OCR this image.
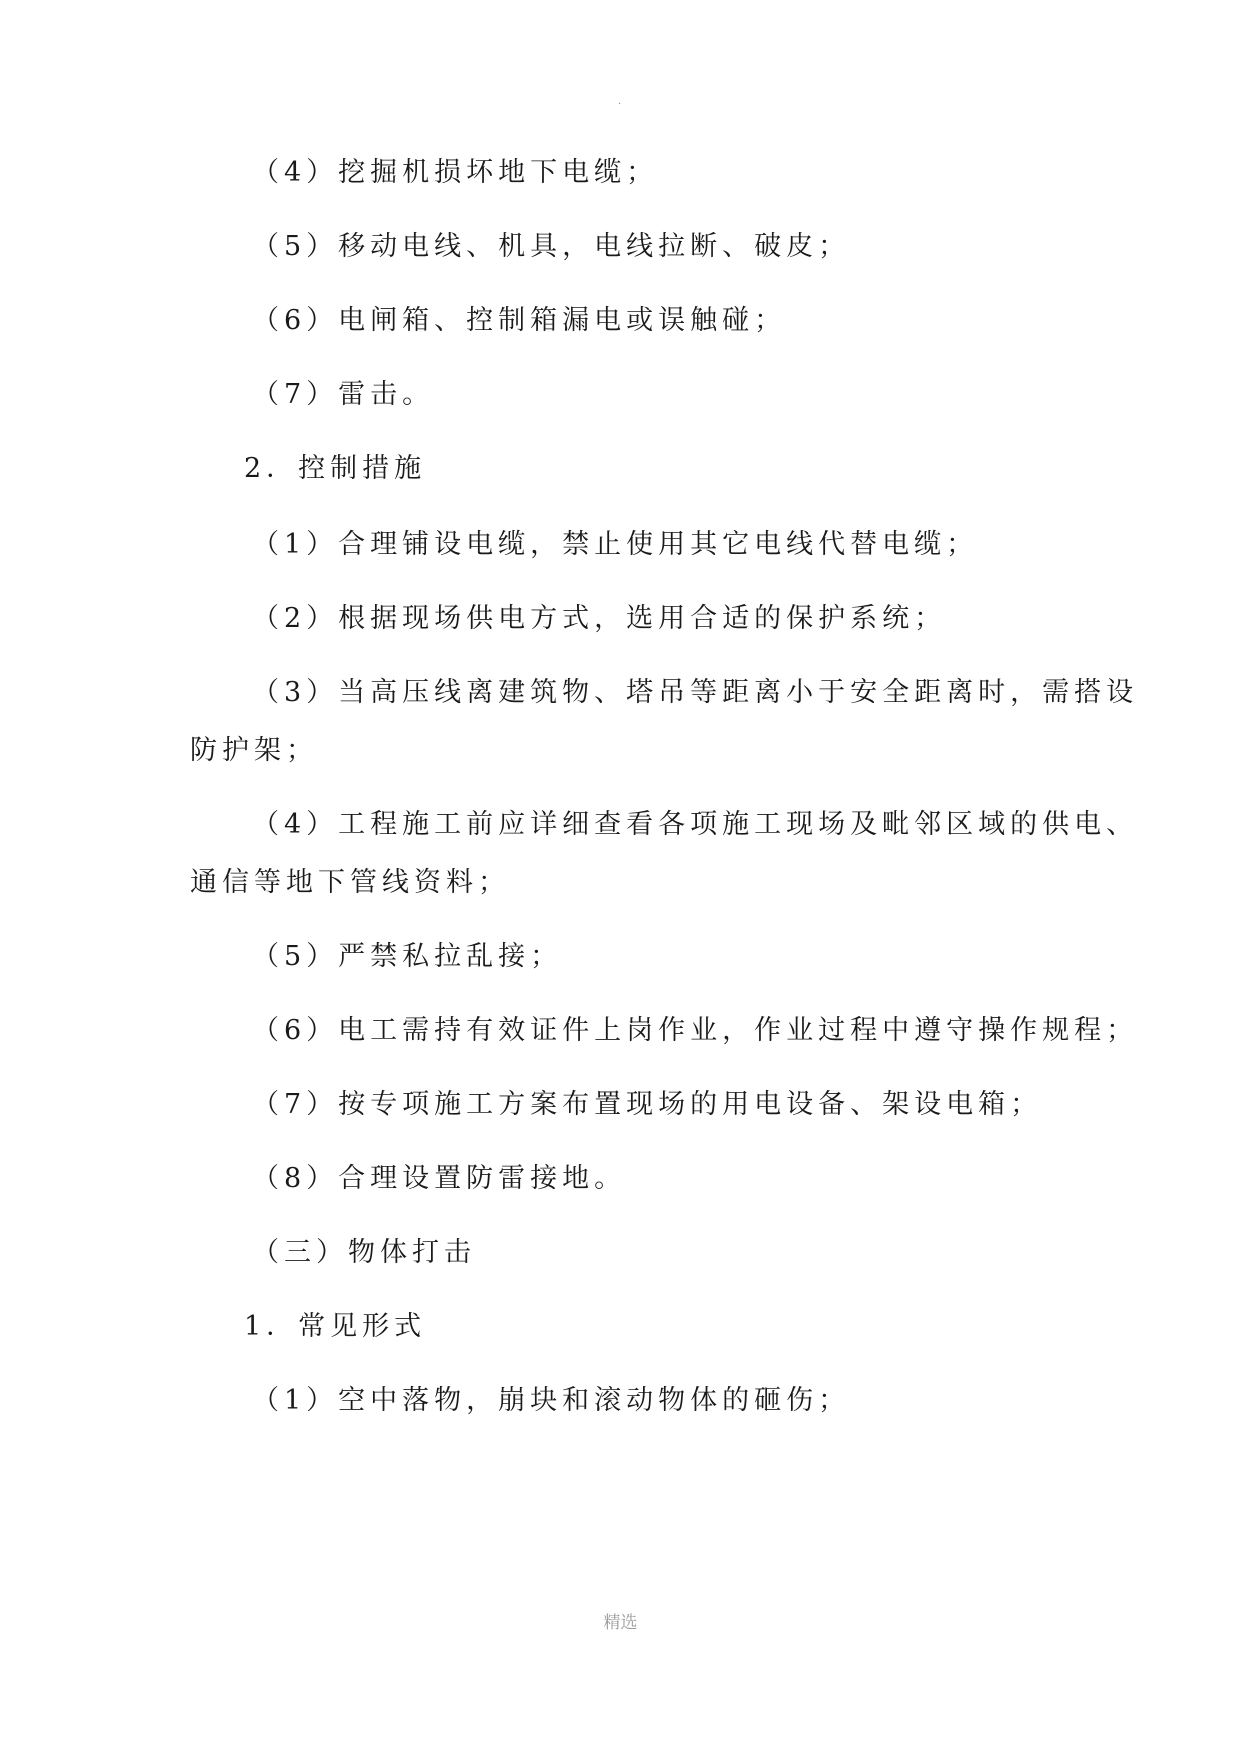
.
（4）挖掘机损坏地下电缆；
（5）移动电线、机具，电线拉断、破皮；
（6）电闸箱、控制箱漏电或误触碰；
（7）雷击。
2．控制措施
（1）合理铺设电缆，禁止使用其它电线代替电缆；
（2）根据现场供电方式，选用合适的保护系统；
（3）当高压线离建筑物、塔吊等距离小于安全距离时，需搭设
防护架；
（4）工程施工前应详细查看各项施工现场及毗邻区域的供电、
通信等地下管线资料；
（5）严禁私拉乱接；
（6）电工需持有效证件上岗作业，作业过程中遵守操作规程；
（7）按专项施工方案布置现场的用电设备、架设电箱；
（8）合理设置防雷接地。
（三）物体打击
1．常见形式
（1）空中落物，崩块和滚动物体的砸伤；
精选
